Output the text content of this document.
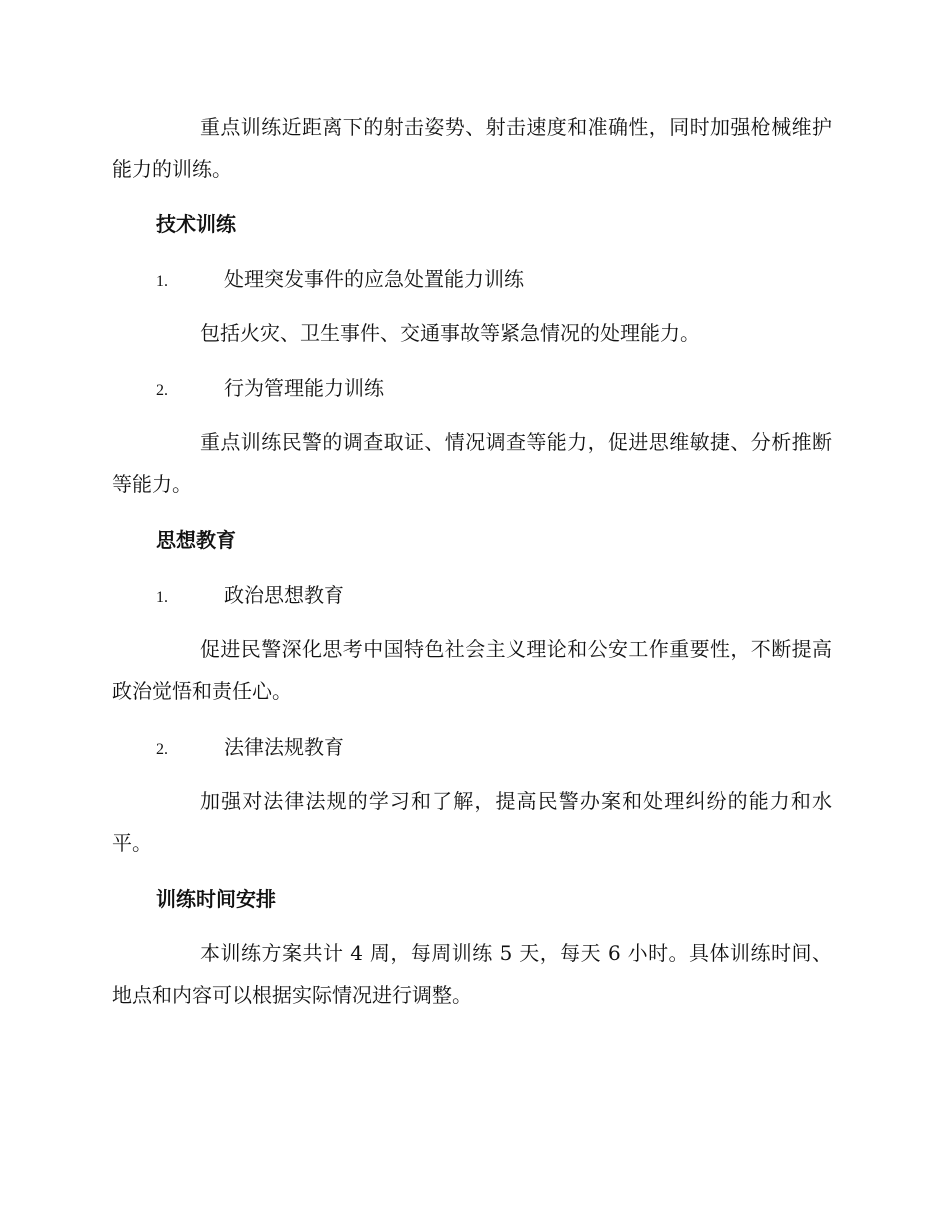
重点训练近距离下的射击姿势、射击速度和准确性，同时加强枪械维护能力的训练。

技术训练
1.	处理突发事件的应急处置能力训练

包括火灾、卫生事件、交通事故等紧急情况的处理能力。

2.	行为管理能力训练

重点训练民警的调查取证、情况调查等能力，促进思维敏捷、分析推断等能力。

思想教育
1.	政治思想教育

促进民警深化思考中国特色社会主义理论和公安工作重要性，不断提高政治觉悟和责任心。

2.	法律法规教育

加强对法律法规的学习和了解，提高民警办案和处理纠纷的能力和水平。

训练时间安排

本训练方案共计 4 周，每周训练 5 天，每天 6 小时。具体训练时间、地点和内容可以根据实际情况进行调整。
